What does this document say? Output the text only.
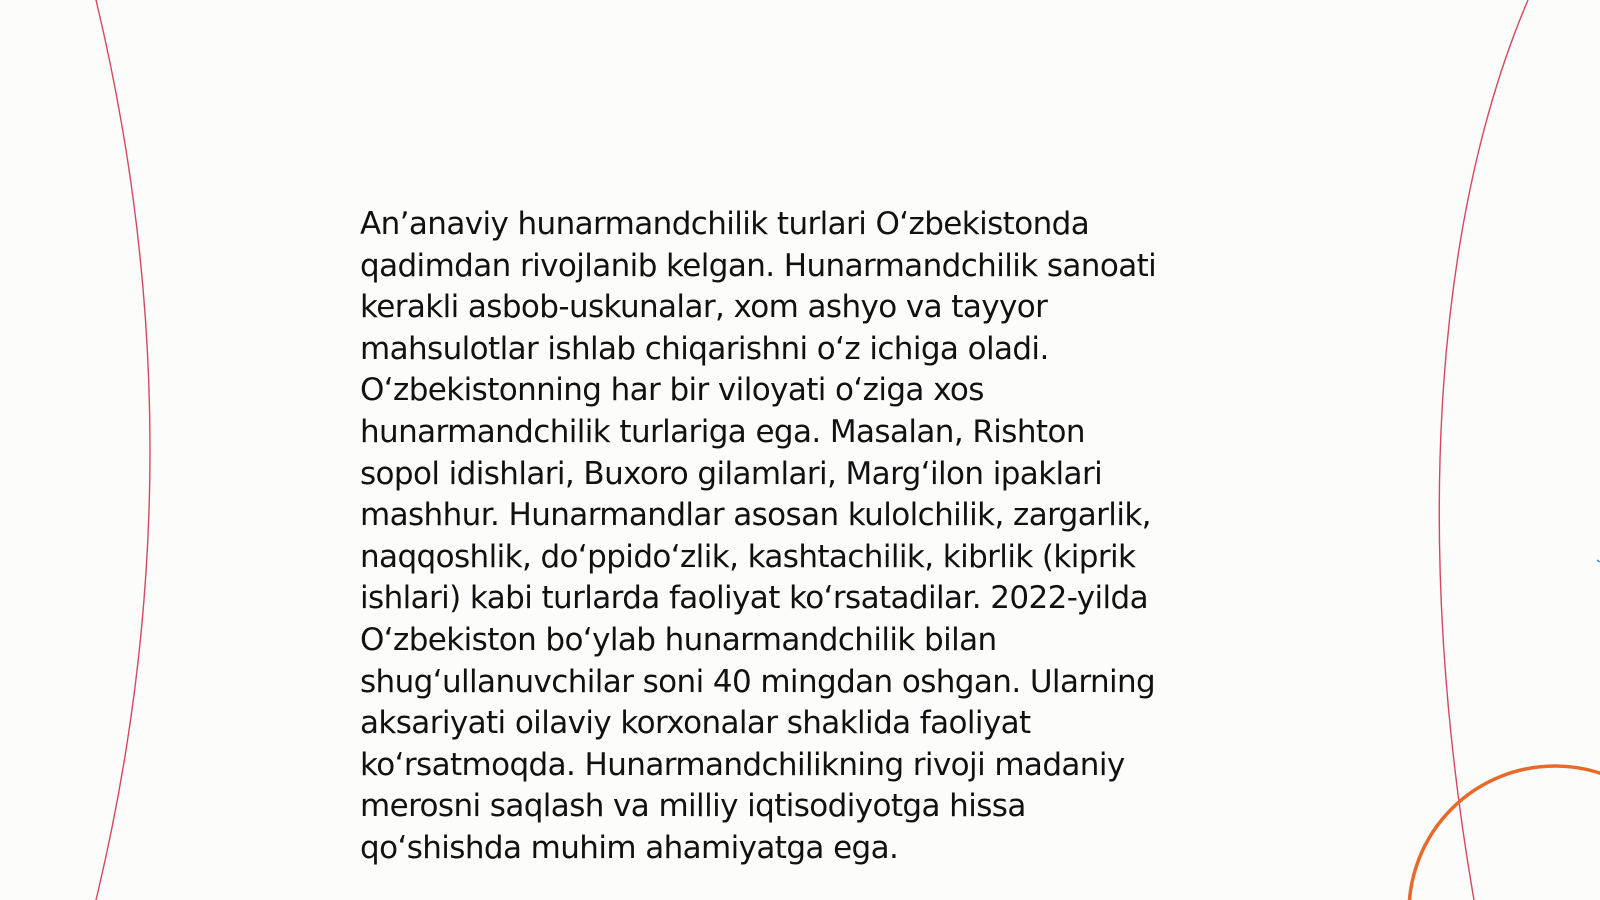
An’anaviy hunarmandchilik turlari Oʻzbekistonda
qadimdan rivojlanib kelgan. Hunarmandchilik sanoati
kerakli asbob-uskunalar, xom ashyo va tayyor
mahsulotlar ishlab chiqarishni oʻz ichiga oladi.
Oʻzbekistonning har bir viloyati oʻziga xos
hunarmandchilik turlariga ega. Masalan, Rishton
sopol idishlari, Buxoro gilamlari, Margʻilon ipaklari
mashhur. Hunarmandlar asosan kulolchilik, zargarlik,
naqqoshlik, doʻppidoʻzlik, kashtachilik, kibrlik (kiprik
ishlari) kabi turlarda faoliyat koʻrsatadilar. 2022-yilda
Oʻzbekiston boʻylab hunarmandchilik bilan
shugʻullanuvchilar soni 40 mingdan oshgan. Ularning
aksariyati oilaviy korxonalar shaklida faoliyat
koʻrsatmoqda. Hunarmandchilikning rivoji madaniy
merosni saqlash va milliy iqtisodiyotga hissa
qoʻshishda muhim ahamiyatga ega.
